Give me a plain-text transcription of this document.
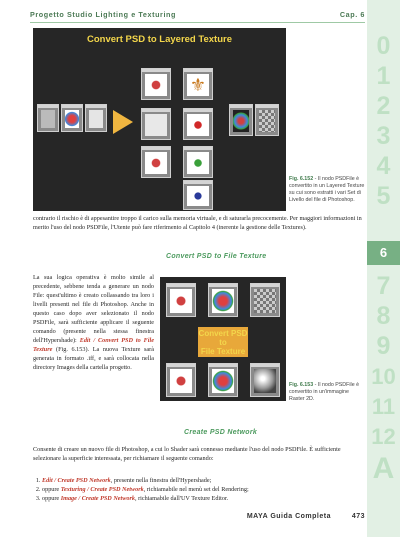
Progetto Studio Lighting e Texturing	Cap. 6
0
1
2
3
4
5
6
7
8
9
10
11
12
A
Convert PSD to Layered Texture
⚜
Fig. 6.152 - Il nodo PSDFile è convertito in un Layered Texture su cui sono estratti i vari Set di Livello del file di Photoshop.
contrario il rischio è di appesantire troppo il carico sulla memoria virtuale, e di saturarla precocemente. Per maggiori informazioni in merito l'uso del nodo PSDFile, l'Utente può fare riferimento al Capitolo 4 (inerente la gestione delle Textures).
Convert PSD to File Texture
La sua logica operativa è molto simile al precedente, sebbene tenda a generare un nodo File: quest'ultimo è creato collassando tra loro i livelli presenti nel file di Photoshop. Anche in questo caso dopo aver selezionato il nodo PSDFile, sarà sufficiente applicare il seguente comando (presente nella stessa finestra dell'Hypershade): Edit / Convert PSD to File Texture (Fig. 6.153). La nuova Texture sarà generata in formato .iff, e sarà collocata nella directory Images della cartella progetto.
Convert PSD
to
File Texture
Fig. 6.153 - Il nodo PSDFile è convertito in un'immagine Raster 2D.
Create PSD Network
Consente di creare un nuovo file di Photoshop, a cui lo Shader sarà connesso mediante l'uso del nodo PSDFile. È sufficiente selezionare la superficie interessata, per richiamare il seguente comando:
1. Edit / Create PSD Network, presente nella finestra dell'Hypershade;
2. oppure Texturing / Create PSD Network, richiamabile nel menù set del Rendering;
3. oppure Image / Create PSD Network, richiamabile dall'UV Texture Editor.
MAYA Guida Completa	473
